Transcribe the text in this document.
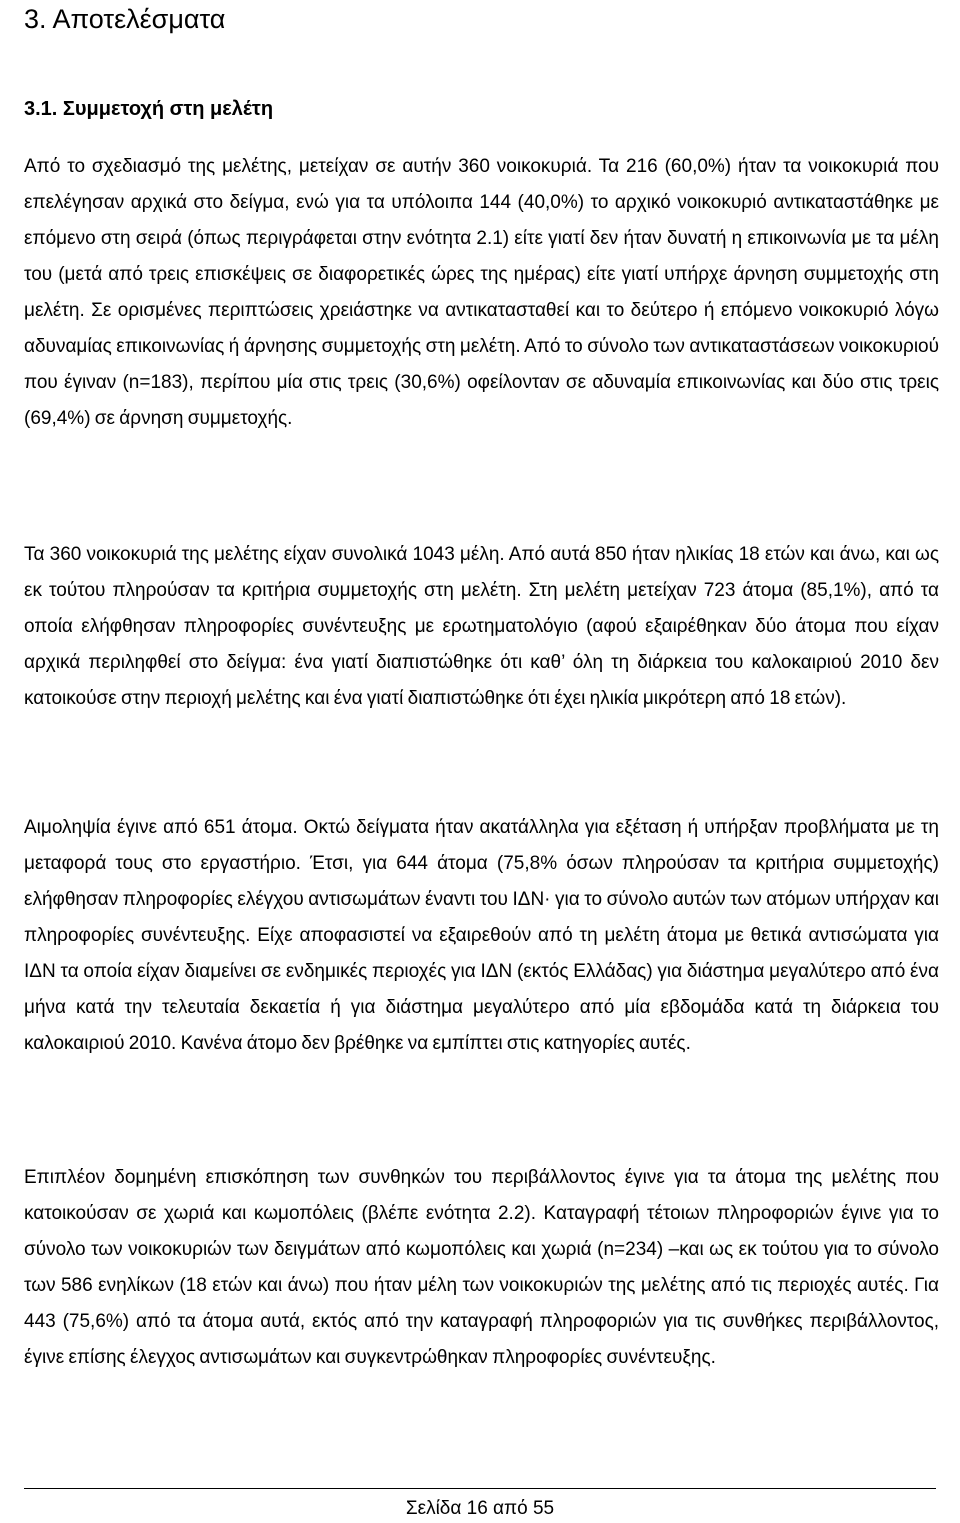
3. Αποτελέσματα
3.1. Συμμετοχή στη μελέτη

Από το σχεδιασμό της μελέτης, μετείχαν σε αυτήν 360 νοικοκυριά. Τα 216 (60,0%) ήταν τα νοικοκυριά που επελέγησαν αρχικά στο δείγμα, ενώ για τα υπόλοιπα 144 (40,0%) το αρχικό νοικοκυριό αντικαταστάθηκε με επόμενο στη σειρά (όπως περιγράφεται στην ενότητα 2.1) είτε γιατί δεν ήταν δυνατή η επικοινωνία με τα μέλη του (μετά από τρεις επισκέψεις σε διαφορετικές ώρες της ημέρας) είτε γιατί υπήρχε άρνηση συμμετοχής στη μελέτη. Σε ορισμένες περιπτώσεις χρειάστηκε να αντικατασταθεί και το δεύτερο ή επόμενο νοικοκυριό λόγω αδυναμίας επικοινωνίας ή άρνησης συμμετοχής στη μελέτη. Από το σύνολο των αντικαταστάσεων νοικοκυριού που έγιναν (n=183), περίπου μία στις τρεις (30,6%) οφείλονταν σε αδυναμία επικοινωνίας και δύο στις τρεις (69,4%) σε άρνηση συμμετοχής.

Τα 360 νοικοκυριά της μελέτης είχαν συνολικά 1043 μέλη. Από αυτά 850 ήταν ηλικίας 18 ετών και άνω, και ως εκ τούτου πληρούσαν τα κριτήρια συμμετοχής στη μελέτη. Στη μελέτη μετείχαν 723 άτομα (85,1%), από τα οποία ελήφθησαν πληροφορίες συνέντευξης με ερωτηματολόγιο (αφού εξαιρέθηκαν δύο άτομα που είχαν αρχικά περιληφθεί στο δείγμα: ένα γιατί διαπιστώθηκε ότι καθ’ όλη τη διάρκεια του καλοκαιριού 2010 δεν κατοικούσε στην περιοχή μελέτης και ένα γιατί διαπιστώθηκε ότι έχει ηλικία μικρότερη από 18 ετών).

Αιμοληψία έγινε από 651 άτομα. Οκτώ δείγματα ήταν ακατάλληλα για εξέταση ή υπήρξαν προβλήματα με τη μεταφορά τους στο εργαστήριο. Έτσι, για 644 άτομα (75,8% όσων πληρούσαν τα κριτήρια συμμετοχής) ελήφθησαν πληροφορίες ελέγχου αντισωμάτων έναντι του ΙΔΝ· για το σύνολο αυτών των ατόμων υπήρχαν και πληροφορίες συνέντευξης. Είχε αποφασιστεί να εξαιρεθούν από τη μελέτη άτομα με θετικά αντισώματα για ΙΔΝ τα οποία είχαν διαμείνει σε ενδημικές περιοχές για ΙΔΝ (εκτός Ελλάδας) για διάστημα μεγαλύτερο από ένα μήνα κατά την τελευταία δεκαετία ή για διάστημα μεγαλύτερο από μία εβδομάδα κατά τη διάρκεια του καλοκαιριού 2010. Κανένα άτομο δεν βρέθηκε να εμπίπτει στις κατηγορίες αυτές.

Επιπλέον δομημένη επισκόπηση των συνθηκών του περιβάλλοντος έγινε για τα άτομα της μελέτης που κατοικούσαν σε χωριά και κωμοπόλεις (βλέπε ενότητα 2.2). Καταγραφή τέτοιων πληροφοριών έγινε για το σύνολο των νοικοκυριών των δειγμάτων από κωμοπόλεις και χωριά (n=234) –και ως εκ τούτου για το σύνολο των 586 ενηλίκων (18 ετών και άνω) που ήταν μέλη των νοικοκυριών της μελέτης από τις περιοχές αυτές. Για 443 (75,6%) από τα άτομα αυτά, εκτός από την καταγραφή πληροφοριών για τις συνθήκες περιβάλλοντος, έγινε επίσης έλεγχος αντισωμάτων και συγκεντρώθηκαν πληροφορίες συνέντευξης.

Σελίδα 16 από 55
